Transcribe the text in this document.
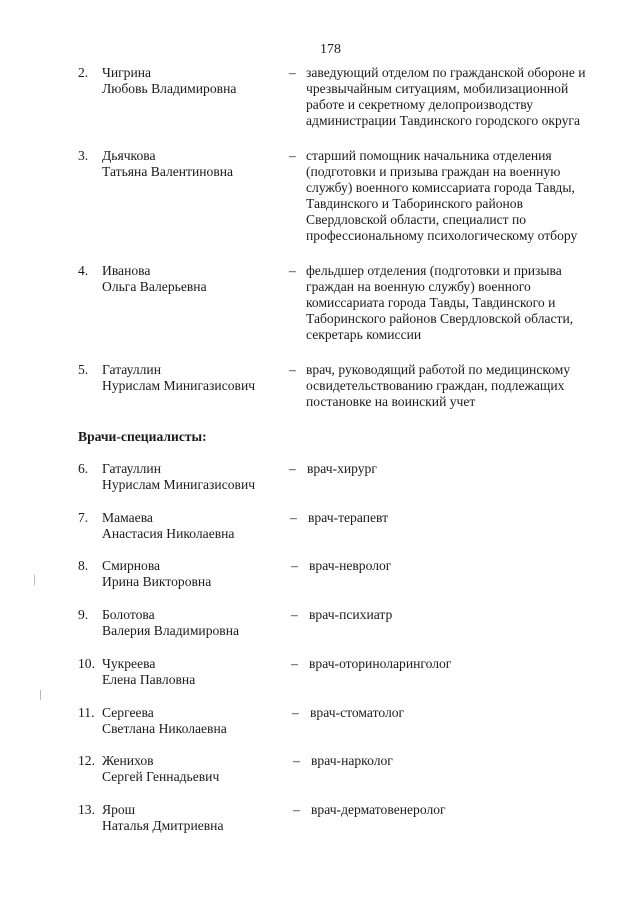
178
2. Чигрина
Любовь Владимировна
– заведующий отделом по гражданской обороне и
чрезвычайным ситуациям, мобилизационной
работе и секретному делопроизводству
администрации Тавдинского городского округа
3. Дьячкова
Татьяна Валентиновна
– старший помощник начальника отделения
(подготовки и призыва граждан на военную
службу) военного комиссариата города Тавды,
Тавдинского и Таборинского районов
Свердловской области, специалист по
профессиональному психологическому отбору
4. Иванова
Ольга Валерьевна
– фельдшер отделения (подготовки и призыва
граждан на военную службу) военного
комиссариата города Тавды, Тавдинского и
Таборинского районов Свердловской области,
секретарь комиссии
5. Гатауллин
Нурислам Минигазисович
– врач, руководящий работой по медицинскому
освидетельствованию граждан, подлежащих
постановке на воинский учет
Врачи-специалисты:
6. Гатауллин
Нурислам Минигазисович
– врач-хирург
7. Мамаева
Анастасия Николаевна
– врач-терапевт
8. Смирнова
Ирина Викторовна
– врач-невролог
9. Болотова
Валерия Владимировна
– врач-психиатр
10. Чукреева
Елена Павловна
– врач-оториноларинголог
11. Сергеева
Светлана Николаевна
– врач-стоматолог
12. Женихов
Сергей Геннадьевич
– врач-нарколог
13. Ярош
Наталья Дмитриевна
– врач-дерматовенеролог
